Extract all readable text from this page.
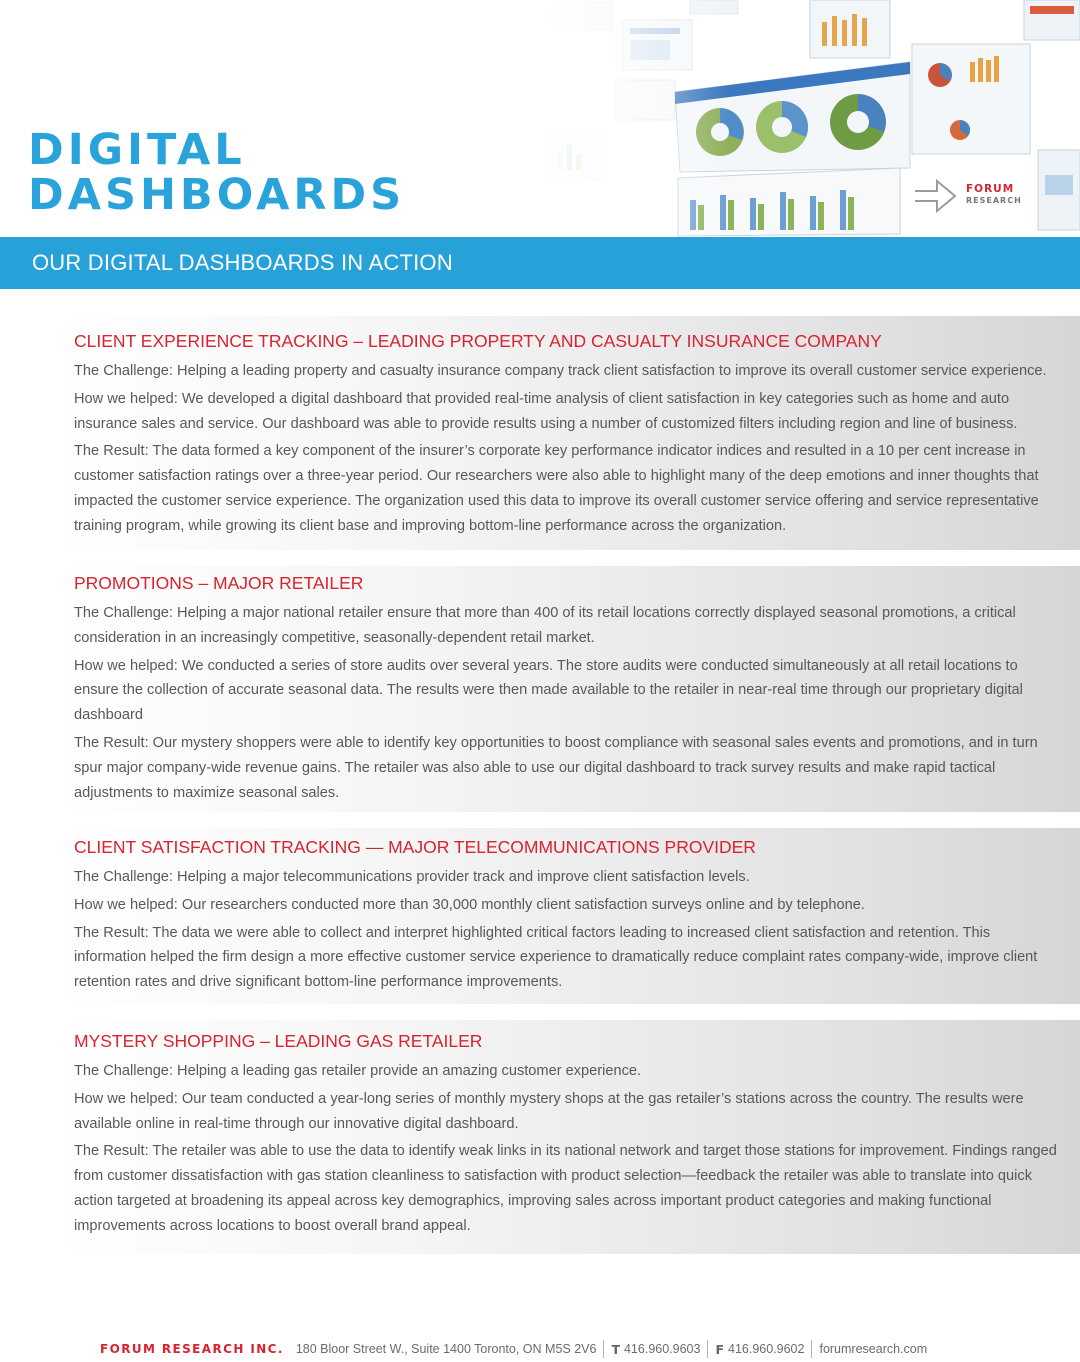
DIGITAL
DASHBOARDS	FORUM
RESEARCH
OUR DIGITAL DASHBOARDS IN ACTION
CLIENT EXPERIENCE TRACKING – LEADING PROPERTY AND CASUALTY INSURANCE COMPANY

The Challenge: Helping a leading property and casualty insurance company track client satisfaction to improve its overall customer service experience.

How we helped: We developed a digital dashboard that provided real-time analysis of client satisfaction in key categories such as home and auto insurance sales and service. Our dashboard was able to provide results using a number of customized filters including region and line of business.

The Result: The data formed a key component of the insurer’s corporate key performance indicator indices and resulted in a 10 per cent increase in customer satisfaction ratings over a three-year period. Our researchers were also able to highlight many of the deep emotions and inner thoughts that impacted the customer service experience. The organization used this data to improve its overall customer service offering and service representative training program, while growing its client base and improving bottom-line performance across the organization.

PROMOTIONS – MAJOR RETAILER

The Challenge: Helping a major national retailer ensure that more than 400 of its retail locations correctly displayed seasonal promotions, a critical consideration in an increasingly competitive, seasonally-dependent retail market.

How we helped: We conducted a series of store audits over several years. The store audits were conducted simultaneously at all retail locations to ensure the collection of accurate seasonal data. The results were then made available to the retailer in near-real time through our proprietary digital dashboard

The Result: Our mystery shoppers were able to identify key opportunities to boost compliance with seasonal sales events and promotions, and in turn spur major company-wide revenue gains. The retailer was also able to use our digital dashboard to track survey results and make rapid tactical adjustments to maximize seasonal sales.

CLIENT SATISFACTION TRACKING — MAJOR TELECOMMUNICATIONS PROVIDER

The Challenge: Helping a major telecommunications provider track and improve client satisfaction levels.

How we helped: Our researchers conducted more than 30,000 monthly client satisfaction surveys online and by telephone.

The Result: The data we were able to collect and interpret highlighted critical factors leading to increased client satisfaction and retention. This information helped the firm design a more effective customer service experience to dramatically reduce complaint rates company-wide, improve client retention rates and drive significant bottom-line performance improvements.

MYSTERY SHOPPING – LEADING GAS RETAILER

The Challenge: Helping a leading gas retailer provide an amazing customer experience.

How we helped: Our team conducted a year-long series of monthly mystery shops at the gas retailer’s stations across the country. The results were available online in real-time through our innovative digital dashboard.

The Result: The retailer was able to use the data to identify weak links in its national network and target those stations for improvement. Findings ranged from customer dissatisfaction with gas station cleanliness to satisfaction with product selection—feedback the retailer was able to translate into quick action targeted at broadening its appeal across key demographics, improving sales across important product categories and making functional improvements across locations to boost overall brand appeal.

FORUM RESEARCH INC. 180 Bloor Street W., Suite 1400 Toronto, ON M5S 2V6 T 416.960.9603 F 416.960.9602 forumresearch.com
